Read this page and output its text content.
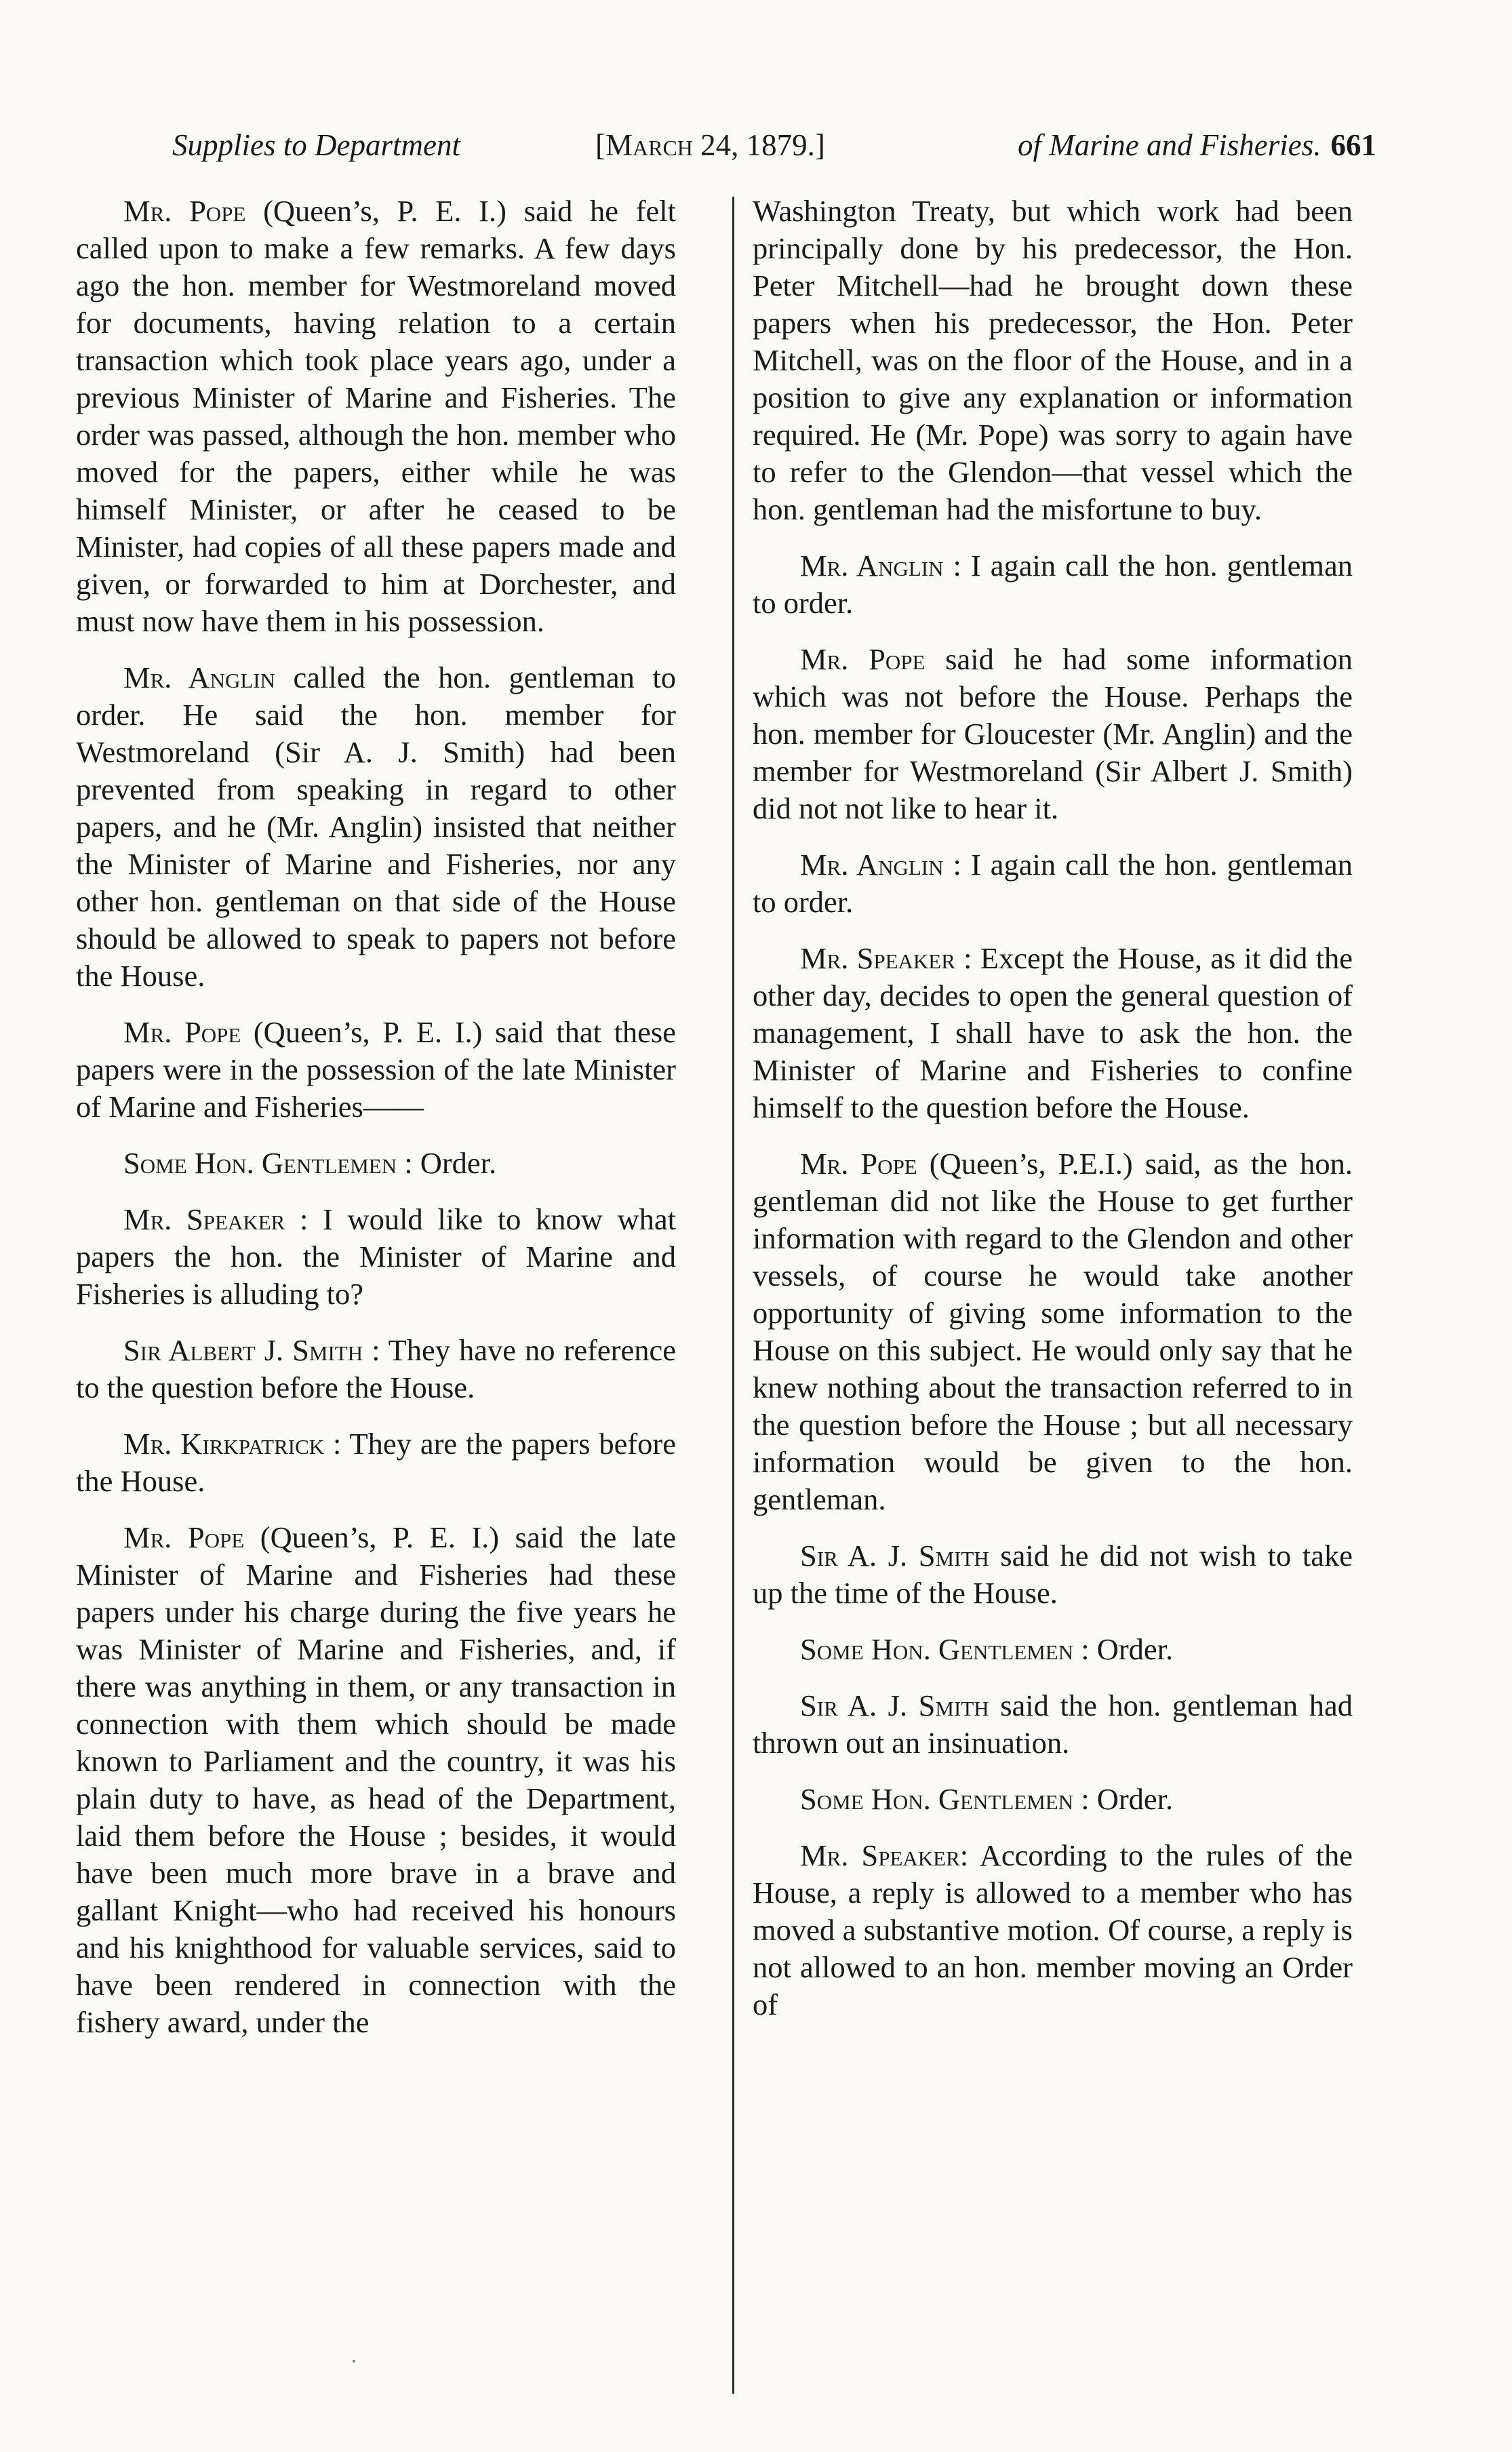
Supplies to Department	[March 24, 1879.]	of Marine and Fisheries. 661

Mr. Pope (Queen’s, P. E. I.) said he felt called upon to make a few remarks. A few days ago the hon. member for Westmoreland moved for documents, having relation to a certain transaction which took place years ago, under a previous Minister of Marine and Fisheries. The order was passed, although the hon. member who moved for the papers, either while he was himself Minister, or after he ceased to be Minister, had copies of all these papers made and given, or forwarded to him at Dorchester, and must now have them in his possession.

Mr. Anglin called the hon. gentleman to order. He said the hon. member for Westmoreland (Sir A. J. Smith) had been prevented from speaking in regard to other papers, and he (Mr. Anglin) insisted that neither the Minister of Marine and Fisheries, nor any other hon. gentleman on that side of the House should be allowed to speak to papers not before the House.

Mr. Pope (Queen’s, P. E. I.) said that these papers were in the possession of the late Minister of Marine and Fisheries——

Some Hon. Gentlemen : Order.

Mr. Speaker : I would like to know what papers the hon. the Minister of Marine and Fisheries is alluding to?

Sir Albert J. Smith : They have no reference to the question before the House.

Mr. Kirkpatrick : They are the papers before the House.

Mr. Pope (Queen’s, P. E. I.) said the late Minister of Marine and Fisheries had these papers under his charge during the five years he was Minister of Marine and Fisheries, and, if there was anything in them, or any transaction in connection with them which should be made known to Parliament and the country, it was his plain duty to have, as head of the Department, laid them before the House ; besides, it would have been much more brave in a brave and gallant Knight—who had received his honours and his knighthood for valuable services, said to have been rendered in connection with the fishery award, under the

Washington Treaty, but which work had been principally done by his predecessor, the Hon. Peter Mitchell—had he brought down these papers when his predecessor, the Hon. Peter Mitchell, was on the floor of the House, and in a position to give any explanation or information required. He (Mr. Pope) was sorry to again have to refer to the Glendon—that vessel which the hon. gentleman had the misfortune to buy.

Mr. Anglin : I again call the hon. gentleman to order.

Mr. Pope said he had some information which was not before the House. Perhaps the hon. member for Gloucester (Mr. Anglin) and the member for Westmoreland (Sir Albert J. Smith) did not not like to hear it.

Mr. Anglin : I again call the hon. gentleman to order.

Mr. Speaker : Except the House, as it did the other day, decides to open the general question of management, I shall have to ask the hon. the Minister of Marine and Fisheries to confine himself to the question before the House.

Mr. Pope (Queen’s, P.E.I.) said, as the hon. gentleman did not like the House to get further information with regard to the Glendon and other vessels, of course he would take another opportunity of giving some information to the House on this subject. He would only say that he knew nothing about the transaction referred to in the question before the House ; but all necessary information would be given to the hon. gentleman.

Sir A. J. Smith said he did not wish to take up the time of the House.

Some Hon. Gentlemen : Order.

Sir A. J. Smith said the hon. gentleman had thrown out an insinuation.

Some Hon. Gentlemen : Order.

Mr. Speaker: According to the rules of the House, a reply is allowed to a member who has moved a substantive motion. Of course, a reply is not allowed to an hon. member moving an Order of
